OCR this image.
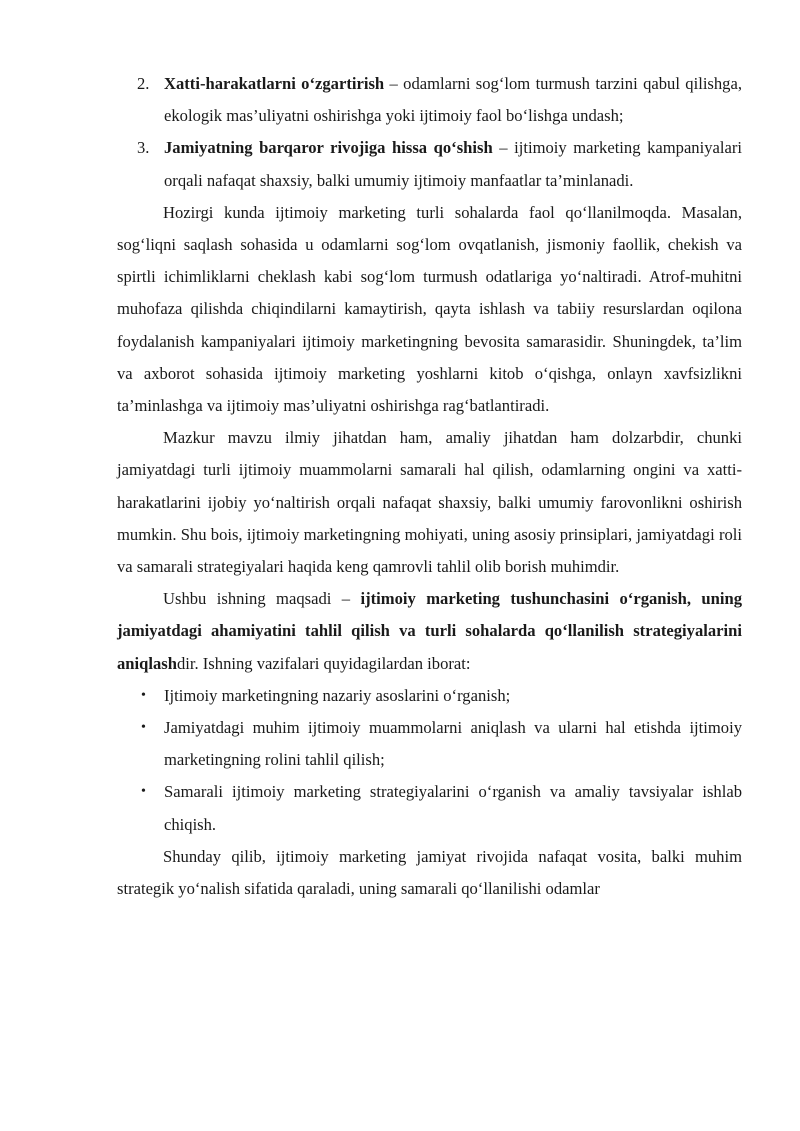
2. Xatti-harakatlarni o‘zgartirish – odamlarni sog‘lom turmush tarzini qabul qilishga, ekologik mas’uliyatni oshirishga yoki ijtimoiy faol bo‘lishga undash;
3. Jamiyatning barqaror rivojiga hissa qo‘shish – ijtimoiy marketing kampaniyalari orqali nafaqat shaxsiy, balki umumiy ijtimoiy manfaatlar ta’minlanadi.

Hozirgi kunda ijtimoiy marketing turli sohalarda faol qo‘llanilmoqda. Masalan, sog‘liqni saqlash sohasida u odamlarni sog‘lom ovqatlanish, jismoniy faollik, chekish va spirtli ichimliklarni cheklash kabi sog‘lom turmush odatlariga yo‘naltiradi. Atrof-muhitni muhofaza qilishda chiqindilarni kamaytirish, qayta ishlash va tabiiy resurslardan oqilona foydalanish kampaniyalari ijtimoiy marketingning bevosita samarasidir. Shuningdek, ta’lim va axborot sohasida ijtimoiy marketing yoshlarni kitob o‘qishga, onlayn xavfsizlikni ta’minlashga va ijtimoiy mas’uliyatni oshirishga rag‘batlantiradi.

Mazkur mavzu ilmiy jihatdan ham, amaliy jihatdan ham dolzarbdir, chunki jamiyatdagi turli ijtimoiy muammolarni samarali hal qilish, odamlarning ongini va xatti-harakatlarini ijobiy yo‘naltirish orqali nafaqat shaxsiy, balki umumiy farovonlikni oshirish mumkin. Shu bois, ijtimoiy marketingning mohiyati, uning asosiy prinsiplari, jamiyatdagi roli va samarali strategiyalari haqida keng qamrovli tahlil olib borish muhimdir.

Ushbu ishning maqsadi – ijtimoiy marketing tushunchasini o‘rganish, uning jamiyatdagi ahamiyatini tahlil qilish va turli sohalarda qo‘llanilish strategiyalarini aniqlashdir. Ishning vazifalari quyidagilardan iborat:

• Ijtimoiy marketingning nazariy asoslarini o‘rganish;
• Jamiyatdagi muhim ijtimoiy muammolarni aniqlash va ularni hal etishda ijtimoiy marketingning rolini tahlil qilish;
• Samarali ijtimoiy marketing strategiyalarini o‘rganish va amaliy tavsiyalar ishlab chiqish.

Shunday qilib, ijtimoiy marketing jamiyat rivojida nafaqat vosita, balki muhim strategik yo‘nalish sifatida qaraladi, uning samarali qo‘llanilishi odamlar
